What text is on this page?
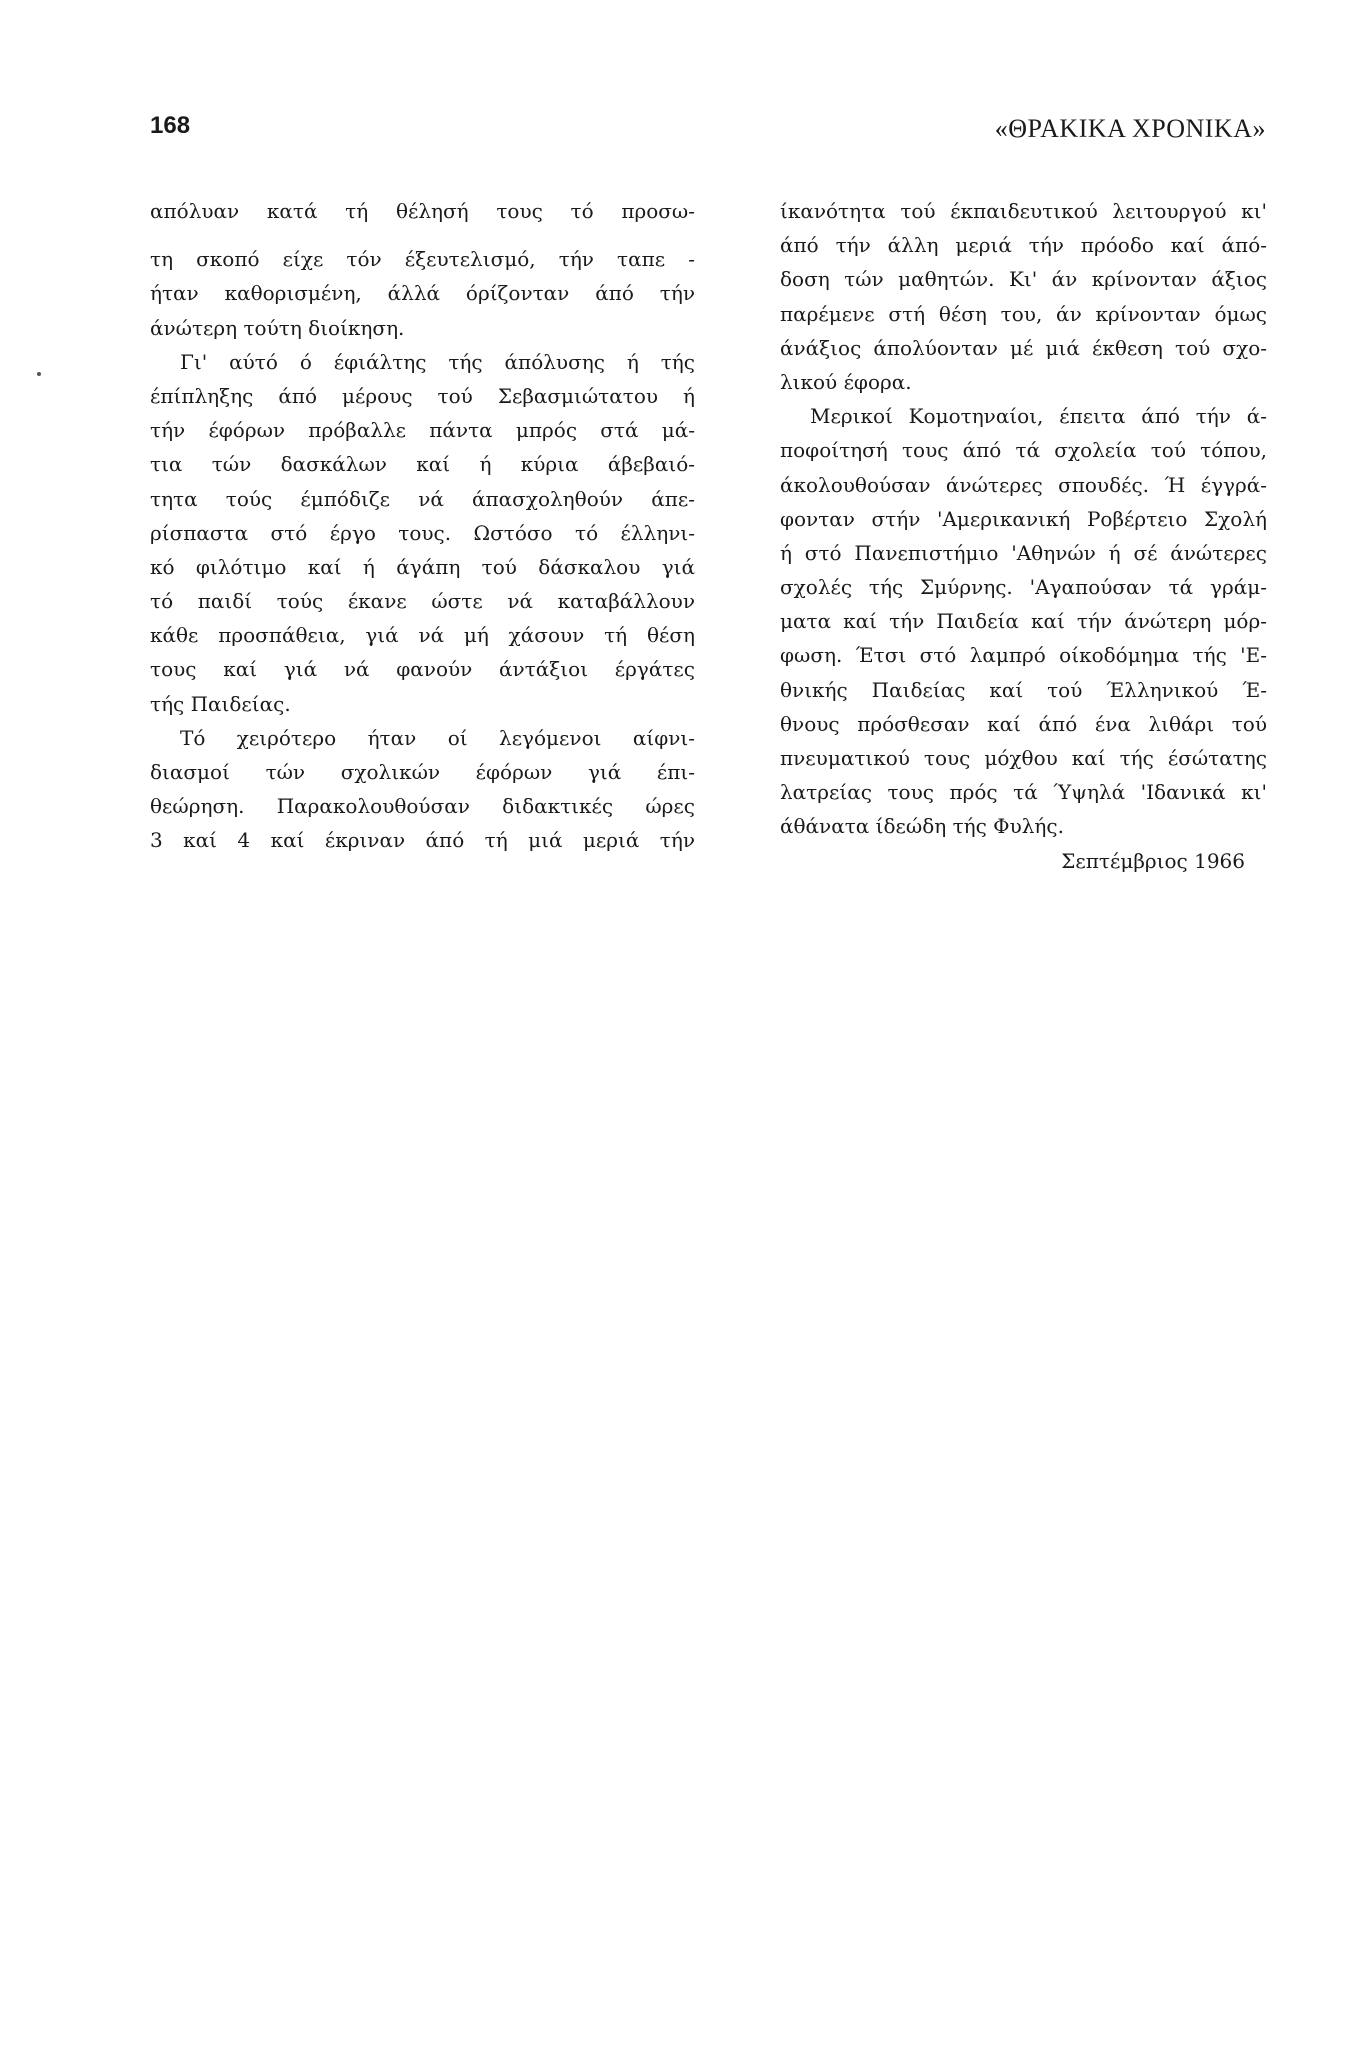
168	«ΘΡΑΚΙΚΑ ΧΡΟΝΙΚΑ»
απόλυαν κατά τή θέλησή τους τό προσω-
τη σκοπό είχε τόν έξευτελισμό, τήν ταπε -
ήταν καθορισμένη, άλλά όρίζονταν άπό τήν
άνώτερη τούτη διοίκηση.
Γι' αύτό ό έφιάλτης τής άπόλυσης ή τής
έπίπληξης άπό μέρους τού Σεβασμιώτατου ή
τήν έφόρων πρόβαλλε πάντα μπρός στά μά-
τια τών δασκάλων καί ή κύρια άβεβαιό-
τητα τούς έμπόδιζε νά άπασχοληθούν άπε-
ρίσπαστα στό έργο τους. Ωστόσο τό έλληνι-
κό φιλότιμο καί ή άγάπη τού δάσκαλου γιά
τό παιδί τούς έκανε ώστε νά καταβάλλουν
κάθε προσπάθεια, γιά νά μή χάσουν τή θέση
τους καί γιά νά φανούν άντάξιοι έργάτες
τής Παιδείας.
Τό χειρότερο ήταν οί λεγόμενοι αίφνι-
διασμοί τών σχολικών έφόρων γιά έπι-
θεώρηση. Παρακολουθούσαν διδακτικές ώρες
3 καί 4 καί έκριναν άπό τή μιά μεριά τήν
ίκανότητα τού έκπαιδευτικού λειτουργού κι'
άπό τήν άλλη μεριά τήν πρόοδο καί άπό-
δοση τών μαθητών. Κι' άν κρίνονταν άξιος
παρέμενε στή θέση του, άν κρίνονταν όμως
άνάξιος άπολύονταν μέ μιά έκθεση τού σχο-
λικού έφορα.
Μερικοί Κομοτηναίοι, έπειτα άπό τήν ά-
ποφοίτησή τους άπό τά σχολεία τού τόπου,
άκολουθούσαν άνώτερες σπουδές. Ή έγγρά-
φονταν στήν 'Αμερικανική Ροβέρτειο Σχολή
ή στό Πανεπιστήμιο 'Αθηνών ή σέ άνώτερες
σχολές τής Σμύρνης. 'Αγαπούσαν τά γράμ-
ματα καί τήν Παιδεία καί τήν άνώτερη μόρ-
φωση. Έτσι στό λαμπρό οίκοδόμημα τής 'Ε-
θνικής Παιδείας καί τού Έλληνικού Έ-
θνους πρόσθεσαν καί άπό ένα λιθάρι τού
πνευματικού τους μόχθου καί τής έσώτατης
λατρείας τους πρός τά Ύψηλά 'Ιδανικά κι'
άθάνατα ίδεώδη τής Φυλής.
Σεπτέμβριος 1966
